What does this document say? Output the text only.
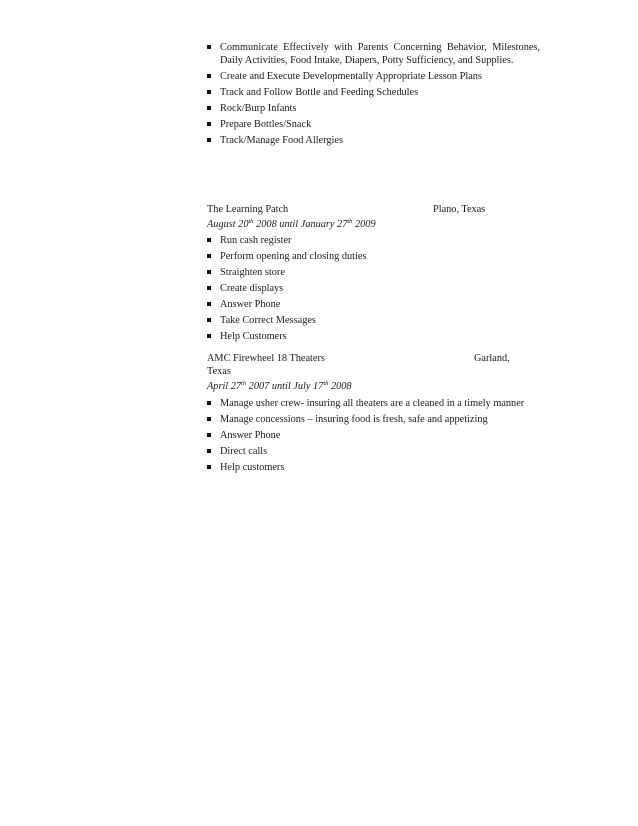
Communicate Effectively with Parents Concerning Behavior, Milestones, Daily Activities, Food Intake, Diapers, Potty Sufficiency, and Supplies.
Create and Execute Developmentally Appropriate Lesson Plans
Track and Follow Bottle and Feeding Schedules
Rock/Burp Infants
Prepare Bottles/Snack
Track/Manage Food Allergies
The Learning Patch	Plano, Texas
August 20th 2008 until January 27th 2009
Run cash register
Perform opening and closing duties
Straighten store
Create displays
Answer Phone
Take Correct Messages
Help Customers
AMC Firewheel 18 Theaters	Garland,
Texas
April 27th 2007 until July 17th 2008
Manage usher crew- insuring all theaters are a cleaned in a timely manner
Manage concessions – insuring food is fresh, safe and appetizing
Answer Phone
Direct calls
Help customers
